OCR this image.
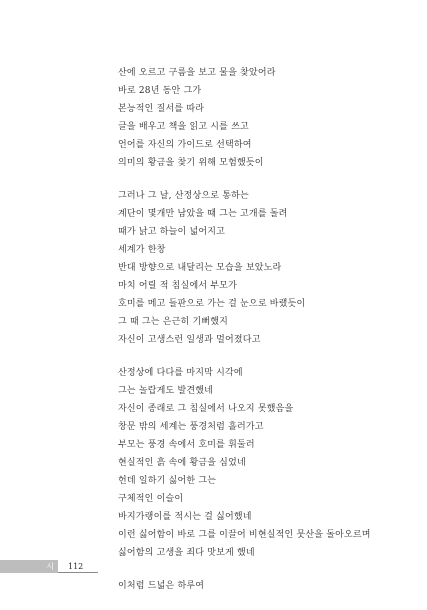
산에 오르고 구름을 보고 물을 찾았어라
바로 28년 동안 그가
본능적인 질서를 따라
글을 배우고 책을 읽고 시를 쓰고
언어를 자신의 가이드로 선택하여
의미의 황금을 찾기 위해 모험했듯이
그러나 그 날, 산정상으로 통하는
계단이 몇개만 남았을 때 그는 고개를 돌려
때가 낡고 하늘이 넓어지고
세계가 한창
반대 방향으로 내달리는 모습을 보았노라
마치 어릴 적 침실에서 부모가
호미를 메고 들판으로 가는 걸 눈으로 바랬듯이
그 때 그는 은근히 기뻐했지
자신이 고생스런 일생과 멀어졌다고
산정상에 다다를 마지막 시각에
그는 놀랍게도 발견했네
자신이 종래로 그 침실에서 나오지 못했음을
창문 밖의 세계는 풍경처럼 흘러가고
부모는 풍경 속에서 호미를 휘둘러
현실적인 흙 속에 황금을 심었네
헌데 일하기 싫어한 그는
구체적인 이슬이
바지가랭이를 적시는 걸 싫어했네
이런 싫어함이 바로 그를 이끌어 비현실적인 뭇산을 돌아오르며
싫어함의 고생을 죄다 맛보게 했네
이처럼 드넓은 하루여
시	112
